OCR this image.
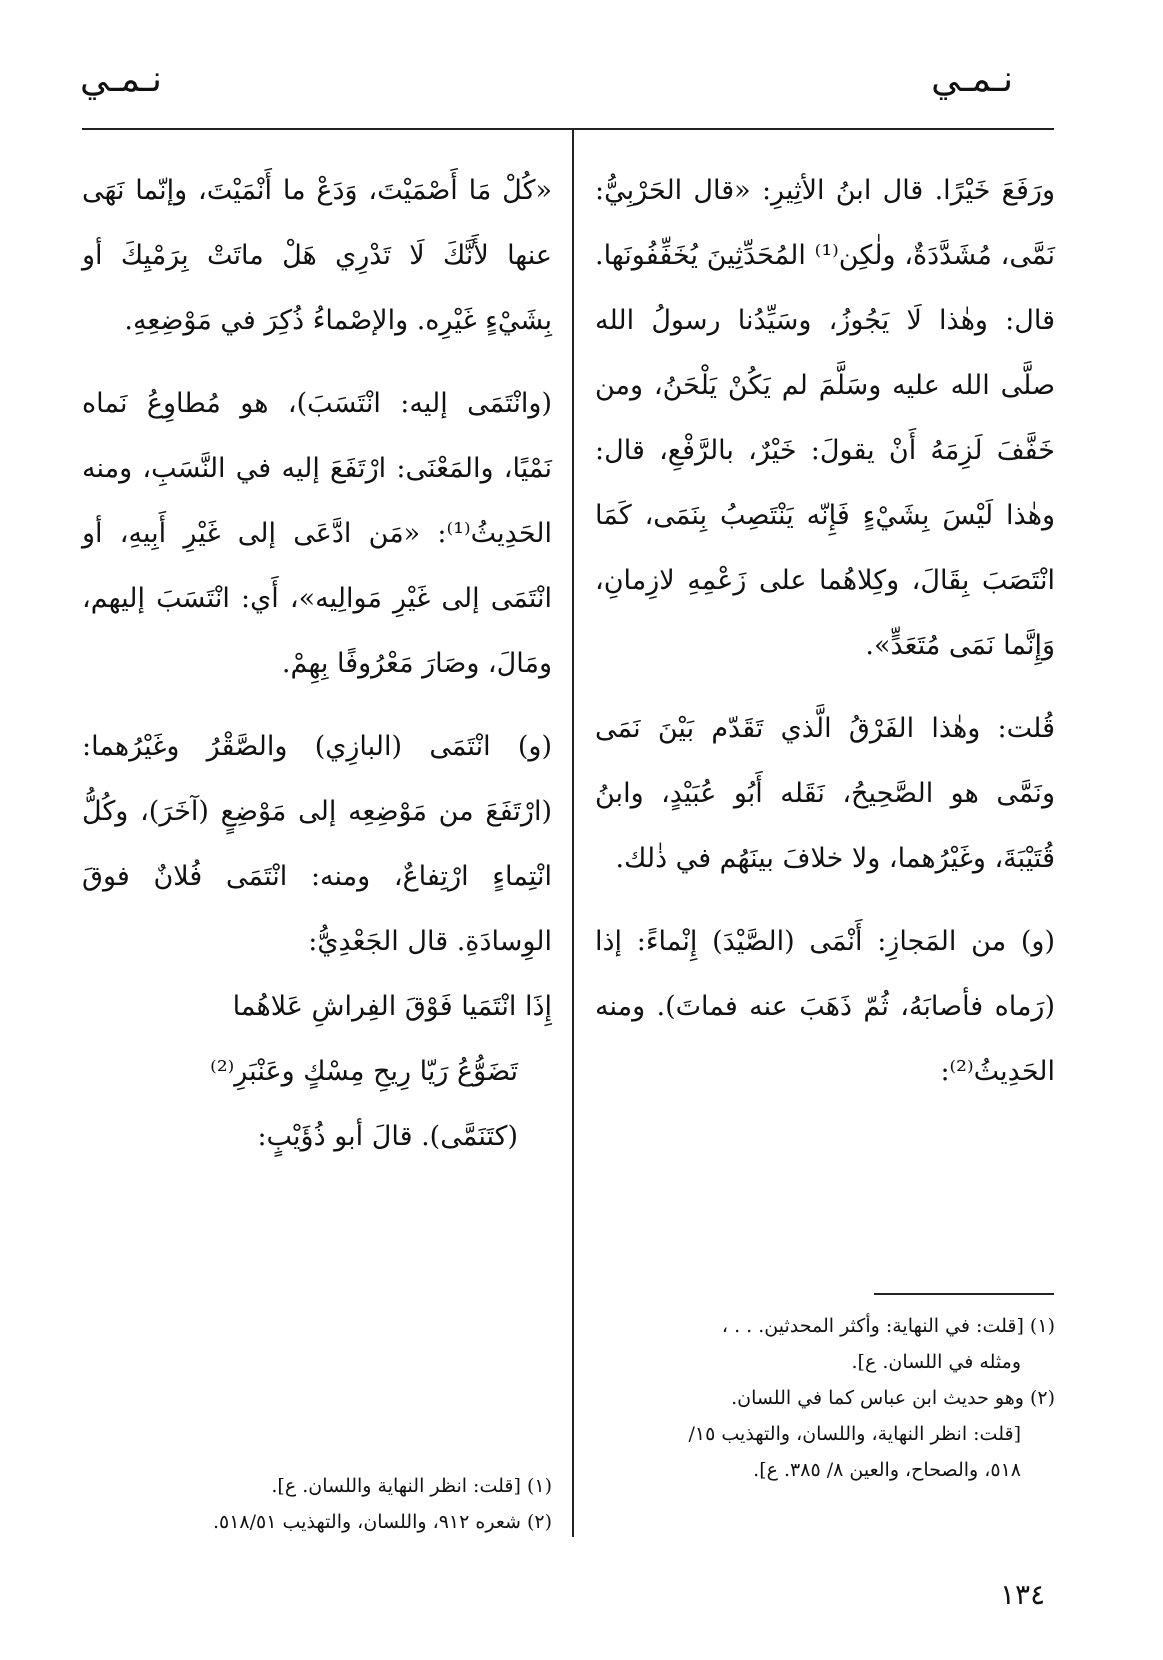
نـمـي
نـمـي

ورَفَعَ خَيْرًا. قال ابنُ الأثِيرِ: «قال الحَرْبِيُّ: نَمَّى، مُشَدَّدَةٌ، ولٰكِن⁽¹⁾ المُحَدِّثِينَ يُخَفِّفُونَها. قال: وهٰذا لَا يَجُوزُ، وسَيِّدُنا رسولُ الله صلَّى الله عليه وسَلَّمَ لم يَكُنْ يَلْحَنُ، ومن خَفَّفَ لَزِمَهُ أَنْ يقولَ: خَيْرٌ، بالرَّفْعِ، قال: وهٰذا لَيْسَ بِشَيْءٍ فَإِنّه يَنْتَصِبُ بِنَمَى، كَمَا انْتَصَبَ بِقَالَ، وكِلاهُما على زَعْمِهِ لازِمانِ، وَإِنَّما نَمَى مُتَعَدٍّ».

قُلت: وهٰذا الفَرْقُ الَّذي تَقَدّم بَيْنَ نَمَى ونَمَّى هو الصَّحِيحُ، نَقَله أَبُو عُبَيْدٍ، وابنُ قُتَيْبَةَ، وغَيْرُهما، ولا خلافَ بينَهُم في ذٰلك.

(و) من المَجازِ: أَنْمَى (الصَّيْدَ) إِنْماءً: إذا (رَماه فأصابَهُ، ثُمّ ذَهَبَ عنه فماتَ). ومنه الحَدِيثُ⁽²⁾:

«كُلْ مَا أَصْمَيْتَ، وَدَعْ ما أَنْمَيْتَ، وإنّما نَهَى عنها لأَنَّكَ لَا تَدْرِي هَلْ ماتَتْ بِرَمْيِكَ أو بِشَيْءٍ غَيْرِه. والإصْماءُ ذُكِرَ في مَوْضِعِهِ.

(وانْتَمَى إليه: انْتَسَبَ)، هو مُطاوِعُ نَماه نَمْيًا، والمَعْنَى: ارْتَفَعَ إليه في النَّسَبِ، ومنه الحَدِيثُ⁽¹⁾: «مَن ادَّعَى إلى غَيْرِ أَبِيهِ، أو انْتَمَى إلى غَيْرِ مَوالِيه»، أَي: انْتَسَبَ إليهم، ومَالَ، وصَارَ مَعْرُوفًا بِهِمْ.

(و) انْتَمَى (البازِي) والصَّقْرُ وغَيْرُهما: (ارْتَفَعَ من مَوْضِعِه إلى مَوْضِعٍ (آخَرَ)، وكُلُّ انْتِماءٍ ارْتِفاعٌ، ومنه: انْتَمَى فُلانٌ فوقَ الوِسادَةِ. قال الجَعْدِيُّ:

إِذَا انْتَمَيا فَوْقَ الفِراشِ عَلاهُما

تَضَوُّعُ رَيّا رِيحِ مِسْكٍ وعَنْبَرِ⁽²⁾

(كتَنَمَّى). قالَ أبو ذُؤَيْبٍ:

(١) [قلت: في النهاية: وأكثر المحدثين. . . ،

ومثله في اللسان. ع].

(٢) وهو حديث ابن عباس كما في اللسان.

[قلت: انظر النهاية، واللسان، والتهذيب ١٥/

٥١٨، والصحاح، والعين ٨/ ٣٨٥. ع].

(١) [قلت: انظر النهاية واللسان. ع].

(٢) شعره ٩١٢، واللسان، والتهذيب ٥١٨/٥١.

١٣٤
